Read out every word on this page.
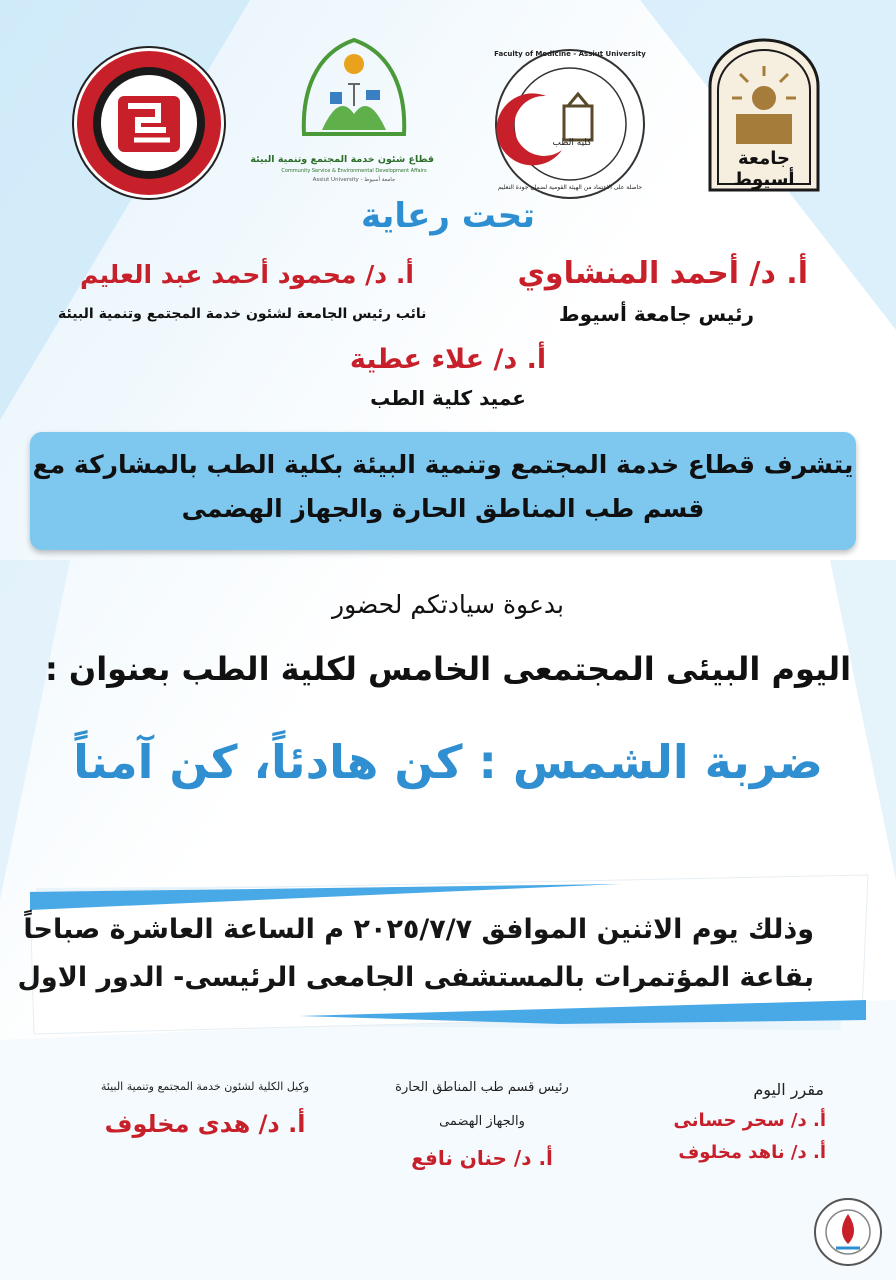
قطاع شئون خدمة المجتمع وتنمية البيئة
Community Service & Environmental Development Affairs
Assiut University - جامعة أسيوط
كلية الطب
Faculty of Medicine - Assiut University
حاصلة على الاعتماد من الهيئة القومية لضمان جودة التعليم
جامعة أسيوط
تحت رعاية
أ. د/ أحمد المنشاوي
رئيس جامعة أسيوط
أ. د/ محمود أحمد عبد العليم
نائب رئيس الجامعة لشئون خدمة المجتمع وتنمية البيئة
أ. د/ علاء عطية
عميد كلية الطب
يتشرف قطاع خدمة المجتمع وتنمية البيئة بكلية الطب بالمشاركة مع
قسم طب المناطق الحارة والجهاز الهضمى
بدعوة سيادتكم لحضور
اليوم البيئى المجتمعى الخامس لكلية الطب بعنوان :
ضربة الشمس : كن هادئاً، كن آمناً
وذلك يوم الاثنين الموافق ٢٠٢٥/٧/٧ م الساعة العاشرة صباحاً
بقاعة المؤتمرات بالمستشفى الجامعى الرئيسى- الدور الاول
مقرر اليوم
أ. د/ سحر حسانى
أ. د/ ناهد مخلوف
رئيس قسم طب المناطق الحارة
والجهاز الهضمى
أ. د/ حنان نافع
وكيل الكلية لشئون خدمة المجتمع وتنمية البيئة
أ. د/ هدى مخلوف
